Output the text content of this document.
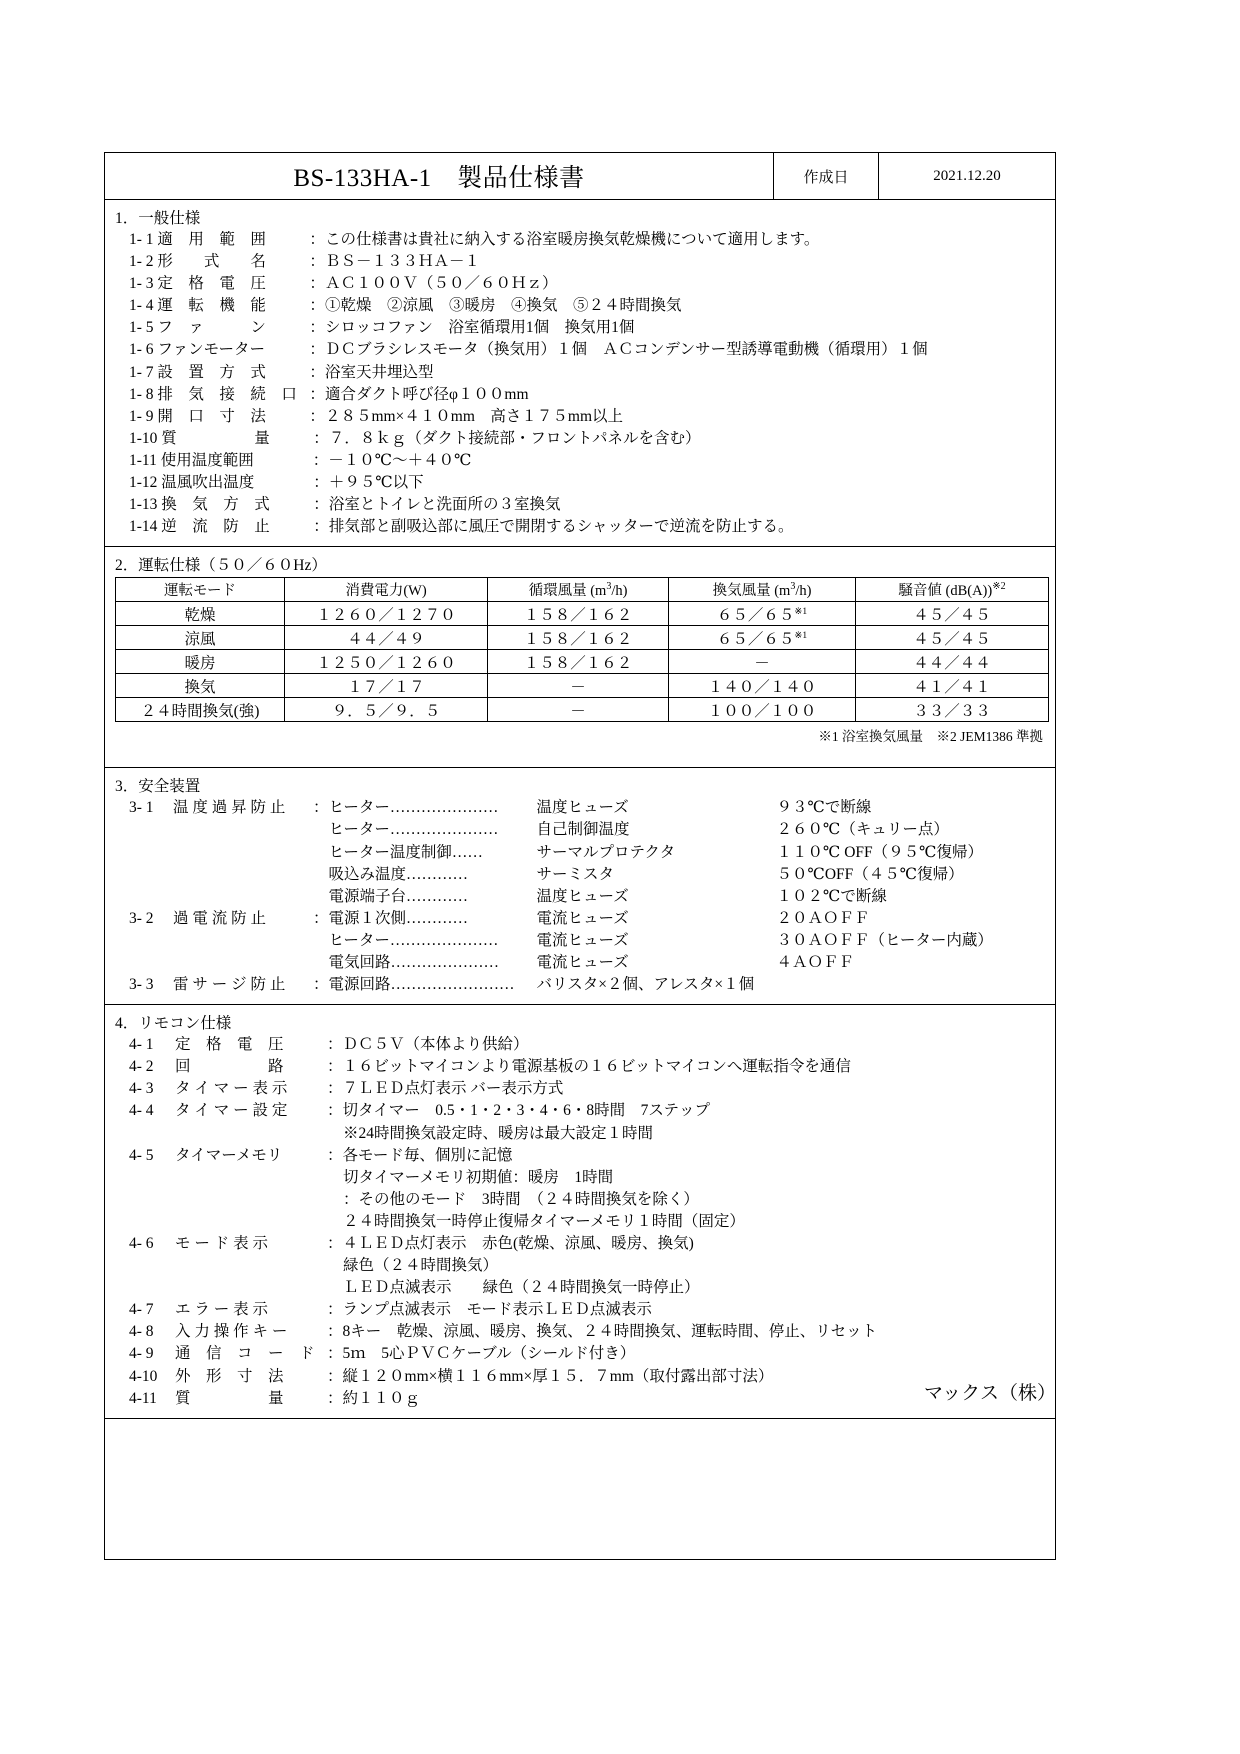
BS-133HA-1　製品仕様書	作成日	2021.12.20
1．一般仕様
1- 1 適　用　範　囲	：この仕様書は貴社に納入する浴室暖房換気乾燥機について適用します。
1- 2 形　　式　　名	：ＢＳ－１３３ＨＡ－１
1- 3 定　格　電　圧	：ＡＣ１００Ｖ（５０／６０Ｈｚ）
1- 4 運　転　機　能	：①乾燥　②涼風　③暖房　④換気　⑤２４時間換気
1- 5 フ　ァ　　　ン	：シロッコファン　浴室循環用1個　換気用1個
1- 6 ファンモーター	：ＤＣブラシレスモータ（換気用）１個　ＡＣコンデンサー型誘導電動機（循環用）１個
1- 7 設　置　方　式	：浴室天井埋込型
1- 8 排　気　接　続　口 ：適合ダクト呼び径φ１００mm
1- 9 開　口　寸　法	：２８５mm×４１０mm　高さ１７５mm以上
1-10 質　　　　　量	：７．８ｋｇ（ダクト接続部・フロントパネルを含む）
1-11 使用温度範囲	：－１０℃～＋４０℃
1-12 温風吹出温度	：＋９５℃以下
1-13 換　気　方　式	：浴室とトイレと洗面所の３室換気
1-14 逆　流　防　止	：排気部と副吸込部に風圧で開閉するシャッターで逆流を防止する。
2．運転仕様（５０／６０Hz）
運転モード	消費電力(W)	循環風量 $(m^3/h)$	換気風量 $(m^3/h)$	騒音値 $(dB(A))^{※2}$
乾燥	１２６０／１２７０	１５８／１６２	６５／６５$^{※1}$	４５／４５
涼風	４４／４９	１５８／１６２	６５／６５$^{※1}$	４５／４５
暖房	１２５０／１２６０	１５８／１６２	－	４４／４４
換気	１７／１７	－	１４０／１４０	４１／４１
２４時間換気(強)	９．５／９．５	－	１００／１００	３３／３３
※1 浴室換気風量　※2 JEM1386 準拠
3．安全装置
3- 1 温 度 過 昇 防 止 ：ヒーター………………… 温度ヒューズ	９３℃で断線
　ヒーター………………… 自己制御温度	２６０℃（キュリー点）
　ヒーター温度制御……	サーマルプロテクタ	１１０℃ OFF（９５℃復帰）
　吸込み温度…………	サーミスタ	５０℃OFF（４５℃復帰）
　電源端子台…………	温度ヒューズ	１０２℃で断線
3- 2 過 電 流 防 止	：電源１次側…………	電流ヒューズ	２０ＡＯＦＦ
　ヒーター………………… 電流ヒューズ	３０ＡＯＦＦ（ヒーター内蔵）
　電気回路………………… 電流ヒューズ	４ＡＯＦＦ
3- 3 雷 サ ー ジ 防 止 ：電源回路…………………… バリスタ×２個、アレスタ×１個
4．リモコン仕様
4- 1 定　格　電　圧	：ＤＣ５Ｖ（本体より供給）
4- 2 回　　　　　路	：１６ビットマイコンより電源基板の１６ビットマイコンへ運転指令を通信
4- 3 タ イ マ ー 表 示	：７ＬＥＤ点灯表示 バー表示方式
4- 4 タ イ マ ー 設 定	：切タイマー　0.5・1・2・3・4・6・8時間　7ステップ
※24時間換気設定時、暖房は最大設定１時間
4- 5 タイマーメモリ	：各モード毎、個別に記憶
切タイマーメモリ初期値：暖房　1時間
：その他のモード　3時間　（２４時間換気を除く）
２４時間換気一時停止復帰タイマーメモリ１時間（固定）
4- 6 モ ー ド 表 示	：４ＬＥＤ点灯表示　赤色(乾燥、涼風、暖房、換気)
緑色（２４時間換気）
ＬＥＤ点滅表示　　緑色（２４時間換気一時停止）
4- 7 エ ラ ー 表 示	：ランプ点滅表示　モード表示ＬＥＤ点滅表示
4- 8 入 力 操 作 キ ー	：8キー　乾燥、涼風、暖房、換気、２４時間換気、運転時間、停止、リセット
4- 9 通　信　コ　ー　ド ：5ｍ　5心ＰＶＣケーブル（シールド付き）
4-10 外　形　寸　法	：縦１２０mm×横１１６mm×厚１５．７mm（取付露出部寸法）
4-11 質　　　　　量	：約１１０ｇ	マックス（株）
